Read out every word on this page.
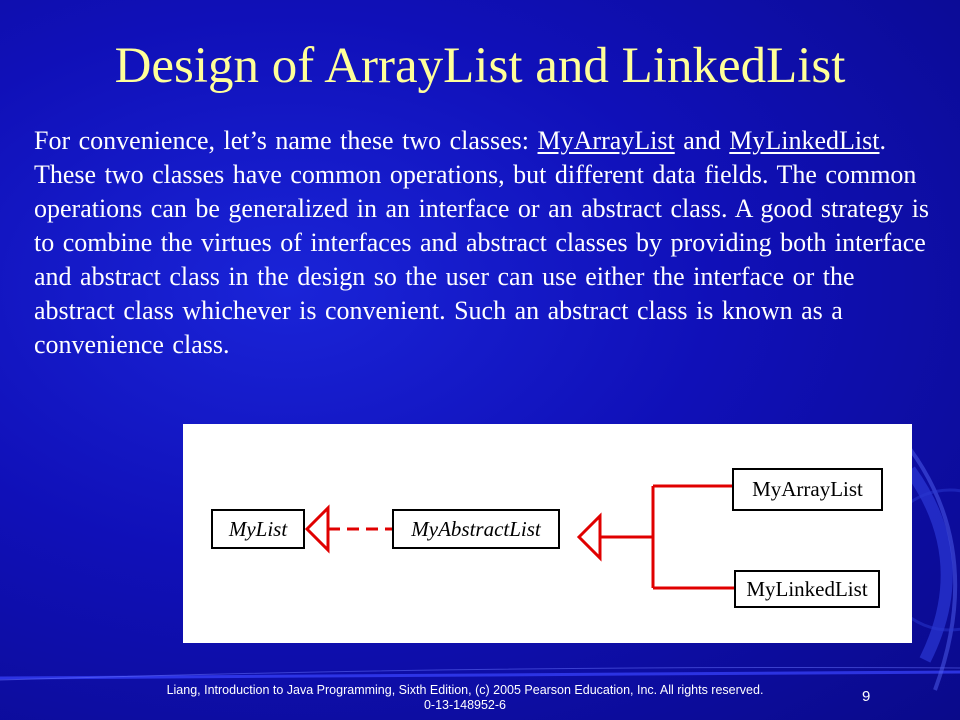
Design of ArrayList and LinkedList
For convenience, let’s name these two classes: MyArrayList and MyLinkedList. These two classes have common operations, but different data fields. The common operations can be generalized in an interface or an abstract class. A good strategy is to combine the virtues of interfaces and abstract classes by providing both interface and abstract class in the design so the user can use either the interface or the abstract class whichever is convenient. Such an abstract class is known as a convenience class.
MyList	MyAbstractList
MyArrayList
MyLinkedList
Liang, Introduction to Java Programming, Sixth Edition, (c) 2005 Pearson Education, Inc. All rights reserved. 0-13-148952-6	9
